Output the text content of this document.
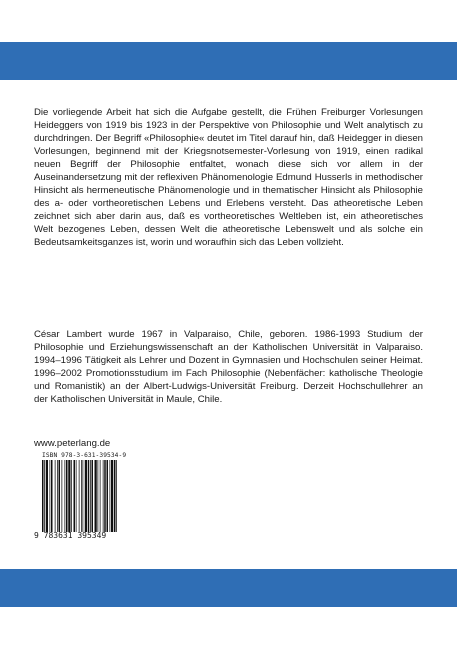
Die vorliegende Arbeit hat sich die Aufgabe gestellt, die Frühen Freiburger Vorlesungen Heideggers von 1919 bis 1923 in der Perspektive von Philosophie und Welt analytisch zu durchdringen. Der Begriff «Philosophie« deutet im Titel darauf hin, daß Heidegger in diesen Vorlesungen, beginnend mit der Kriegsnotsemester-Vorlesung von 1919, einen radikal neuen Begriff der Philosophie entfaltet, wonach diese sich vor allem in der Auseinandersetzung mit der reflexiven Phänomenologie Edmund Husserls in methodischer Hinsicht als hermeneutische Phänomenologie und in thematischer Hinsicht als Philosophie des a- oder vortheoretischen Lebens und Erlebens versteht. Das atheoretische Leben zeichnet sich aber darin aus, daß es vortheoretisches Weltleben ist, ein atheoretisches Welt bezogenes Leben, dessen Welt die atheoretische Lebenswelt und als solche ein Bedeutsamkeitsganzes ist, worin und woraufhin sich das Leben vollzieht.

César Lambert wurde 1967 in Valparaiso, Chile, geboren. 1986-1993 Studium der Philosophie und Erziehungswissenschaft an der Katholischen Universität in Valparaiso. 1994–1996 Tätigkeit als Lehrer und Dozent in Gymnasien und Hochschulen seiner Heimat. 1996–2002 Promotionsstudium im Fach Philosophie (Nebenfächer: katholische Theologie und Romanistik) an der Albert-Ludwigs-Universität Freiburg. Derzeit Hochschullehrer an der Katholischen Universität in Maule, Chile.

www.peterlang.de

ISBN 978-3-631-39534-9
9 783631 395349
